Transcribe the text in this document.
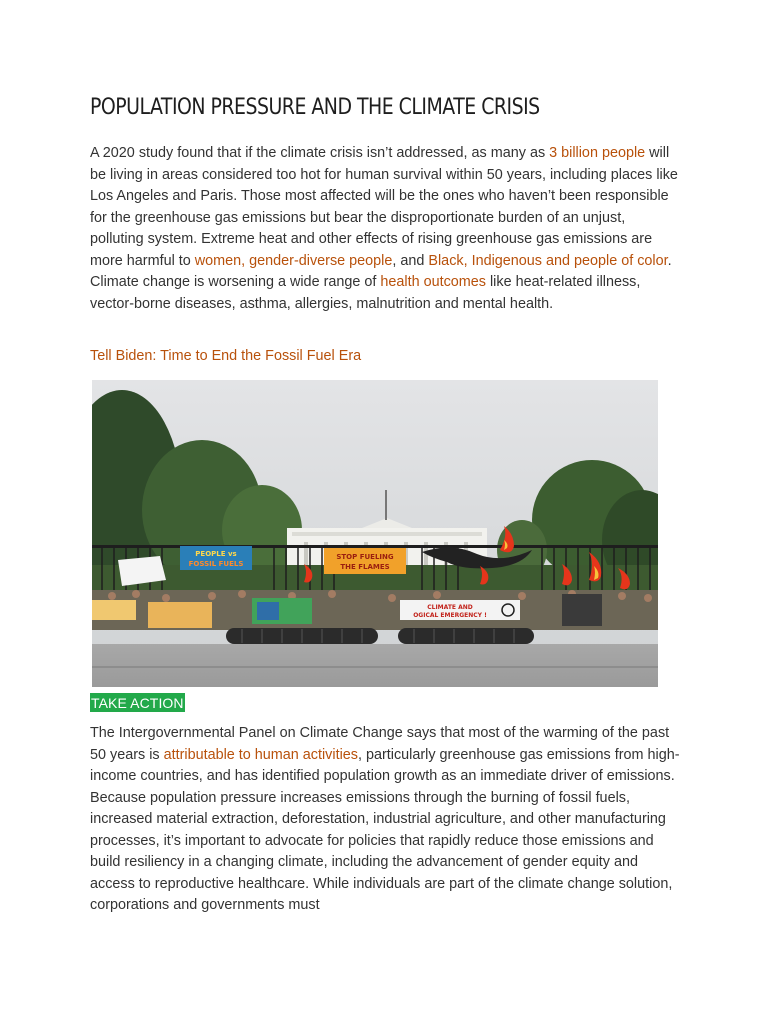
POPULATION PRESSURE AND THE CLIMATE CRISIS

A 2020 study found that if the climate crisis isn’t addressed, as many as 3 billion people will be living in areas considered too hot for human survival within 50 years, including places like Los Angeles and Paris. Those most affected will be the ones who haven’t been responsible for the greenhouse gas emissions but bear the disproportionate burden of an unjust, polluting system. Extreme heat and other effects of rising greenhouse gas emissions are more harmful to women, gender-diverse people, and Black, Indigenous and people of color. Climate change is worsening a wide range of health outcomes like heat-related illness, vector-borne diseases, asthma, allergies, malnutrition and mental health.

Tell Biden: Time to End the Fossil Fuel Era
PEOPLE vs
FOSSIL FUELS
STOP FUELING
THE FLAMES
CLIMATE AND
OGICAL EMERGENCY !
TAKE ACTION

The Intergovernmental Panel on Climate Change says that most of the warming of the past 50 years is attributable to human activities, particularly greenhouse gas emissions from high-income countries, and has identified population growth as an immediate driver of emissions. Because population pressure increases emissions through the burning of fossil fuels, increased material extraction, deforestation, industrial agriculture, and other manufacturing processes, it’s important to advocate for policies that rapidly reduce those emissions and build resiliency in a changing climate, including the advancement of gender equity and access to reproductive healthcare. While individuals are part of the climate change solution, corporations and governments must
